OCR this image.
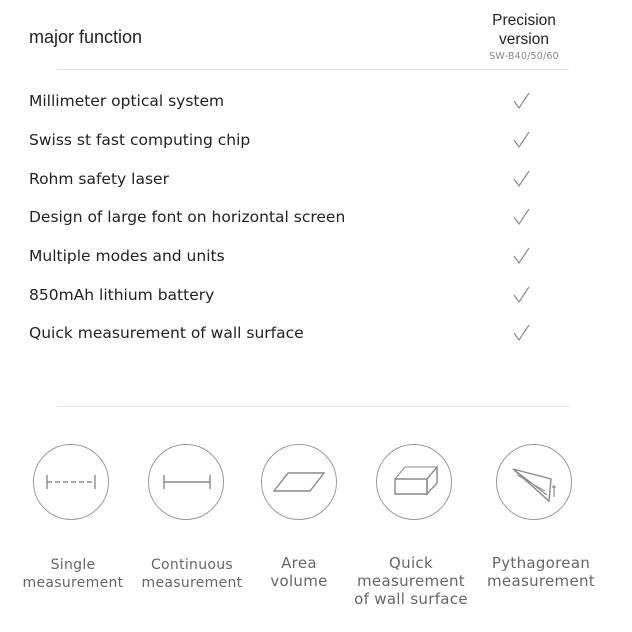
major function
Precision
version
SW-B40/50/60
Millimeter optical system
Swiss st fast computing chip
Rohm safety laser
Design of large font on horizontal screen
Multiple modes and units
850mAh lithium battery
Quick measurement of wall surface
Single
measurement
Continuous
measurement
Area
volume
Quick
measurement
of wall surface
Pythagorean
measurement
